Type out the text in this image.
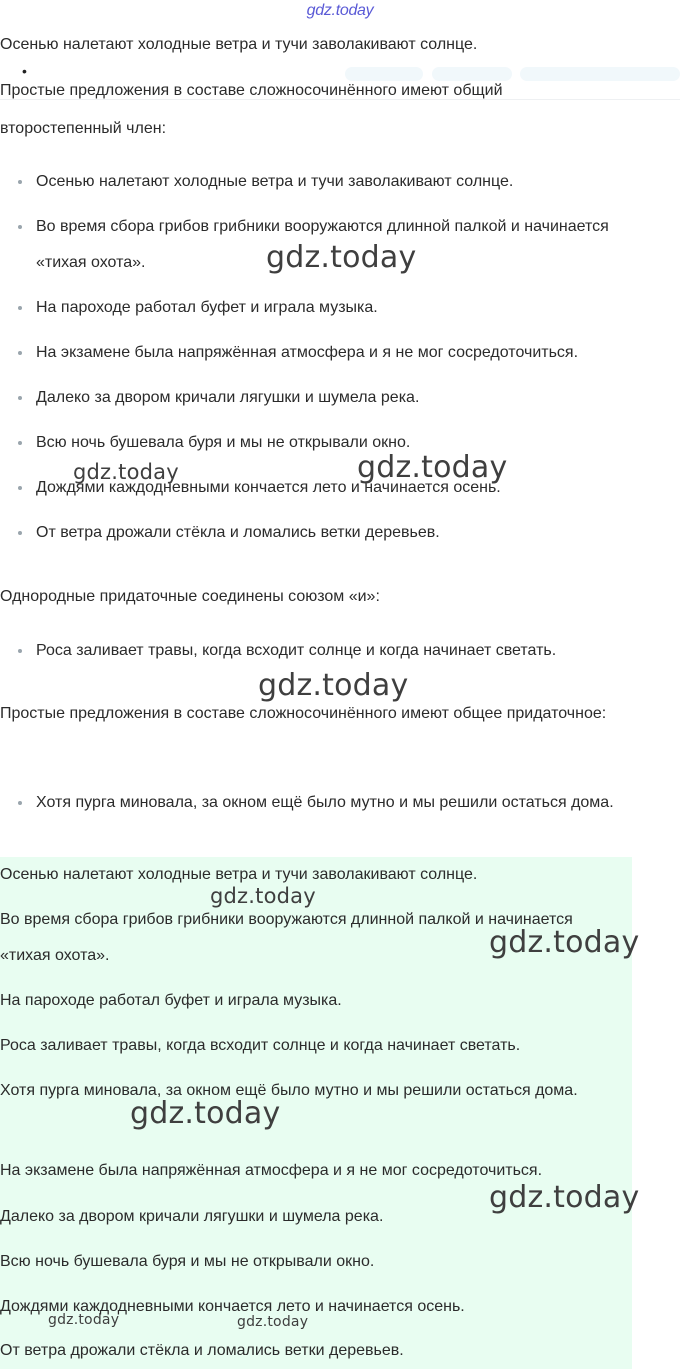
gdz.today
Осенью налетают холодные ветра и тучи заволакивают солнце.
•
Простые предложения в составе сложносочинённого имеют общий
второстепенный член:
Осенью налетают холодные ветра и тучи заволакивают солнце.
Во время сбора грибов грибники вооружаются длинной палкой и начинается «тихая охота».
На пароходе работал буфет и играла музыка.
На экзамене была напряжённая атмосфера и я не мог сосредоточиться.
Далеко за двором кричали лягушки и шумела река.
Всю ночь бушевала буря и мы не открывали окно.
Дождями каждодневными кончается лето и начинается осень.
От ветра дрожали стёкла и ломались ветки деревьев.
Однородные придаточные соединены союзом «и»:
Роса заливает травы, когда всходит солнце и когда начинает светать.
Простые предложения в составе сложносочинённого имеют общее придаточное:
Хотя пурга миновала, за окном ещё было мутно и мы решили остаться дома.

Осенью налетают холодные ветра и тучи заволакивают солнце.

Во время сбора грибов грибники вооружаются длинной палкой и начинается «тихая охота».

На пароходе работал буфет и играла музыка.

Роса заливает травы, когда всходит солнце и когда начинает светать.

Хотя пурга миновала, за окном ещё было мутно и мы решили остаться дома.

На экзамене была напряжённая атмосфера и я не мог сосредоточиться.

Далеко за двором кричали лягушки и шумела река.

Всю ночь бушевала буря и мы не открывали окно.

Дождями каждодневными кончается лето и начинается осень.

От ветра дрожали стёкла и ломались ветки деревьев.

gdz.today
gdz.today	gdz.today
gdz.today
gdz.today
gdz.today
gdz.today
gdz.today
gdz.today	gdz.today
